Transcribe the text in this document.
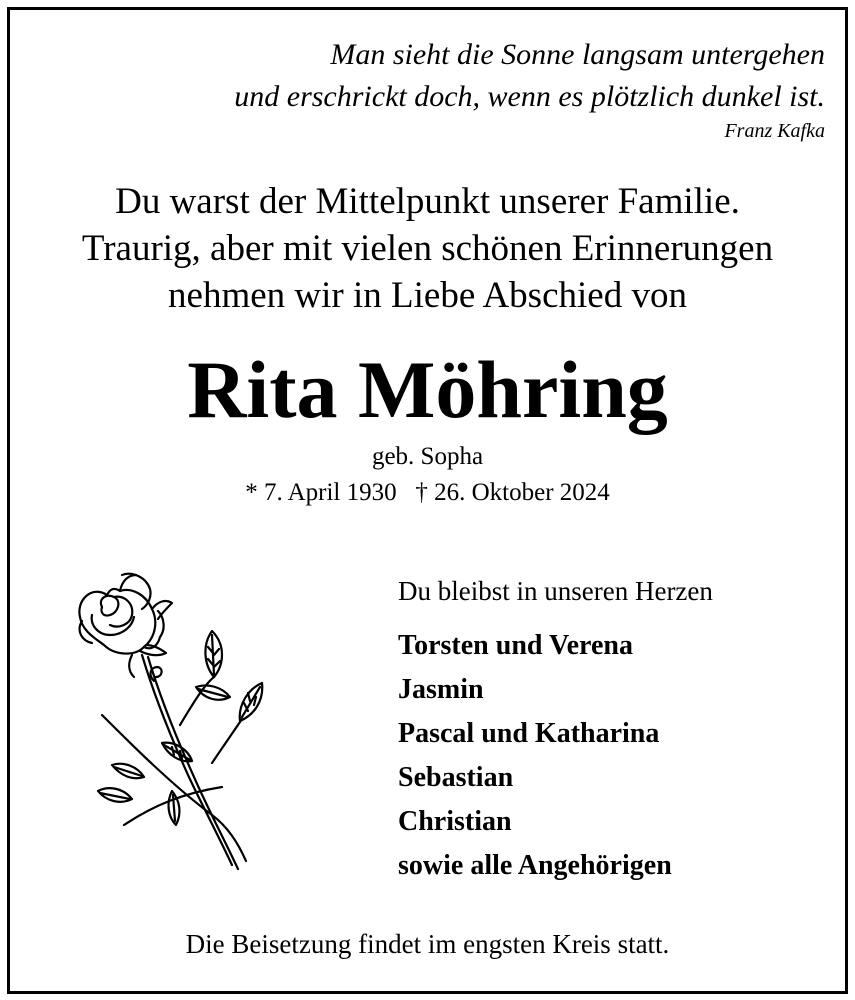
Man sieht die Sonne langsam untergehen
und erschrickt doch, wenn es plötzlich dunkel ist.
Franz Kafka
Du warst der Mittelpunkt unserer Familie.
Traurig, aber mit vielen schönen Erinnerungen
nehmen wir in Liebe Abschied von
Rita Möhring
geb. Sopha
* 7. April 1930   † 26. Oktober 2024
Du bleibst in unseren Herzen
Torsten und Verena
Jasmin
Pascal und Katharina
Sebastian
Christian
sowie alle Angehörigen
Die Beisetzung findet im engsten Kreis statt.
